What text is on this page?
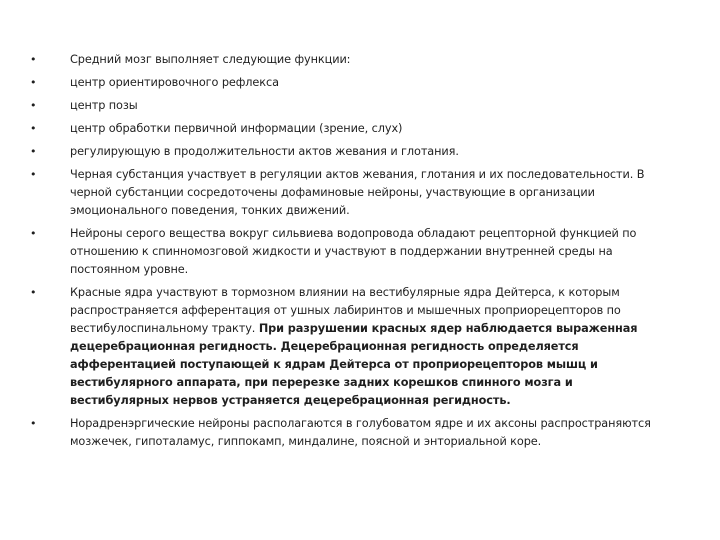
•	Средний мозг выполняет следующие функции:
•	центр ориентировочного рефлекса
•	центр позы
•	центр обработки первичной информации (зрение, слух)
•	регулирующую в продолжительности актов жевания и глотания.
•	Черная субстанция участвует в регуляции актов жевания, глотания и их последовательности. В черной субстанции сосредоточены дофаминовые нейроны, участвующие в организации эмоционального поведения, тонких движений.
•	Нейроны серого вещества вокруг сильвиева водопровода обладают рецепторной функцией по отношению к спинномозговой жидкости и участвуют в поддержании внутренней среды на постоянном уровне.
•	Красные ядра участвуют в тормозном влиянии на вестибулярные ядра Дейтерса, к которым распространяется афферентация от ушных лабиринтов и мышечных проприорецепторов по вестибулоспинальному тракту. При разрушении красных ядер наблюдается выраженная децеребрационная регидность. Децеребрационная регидность определяется афферентацией поступающей к ядрам Дейтерса от проприорецепторов мышц и вестибулярного аппарата, при перерезке задних корешков спинного мозга и вестибулярных нервов устраняется децеребрационная регидность.
•	Норадренэргические нейроны располагаются в голубоватом ядре и их аксоны распространяются мозжечек, гипоталамус, гиппокамп, миндалине, поясной и энториальной коре.
